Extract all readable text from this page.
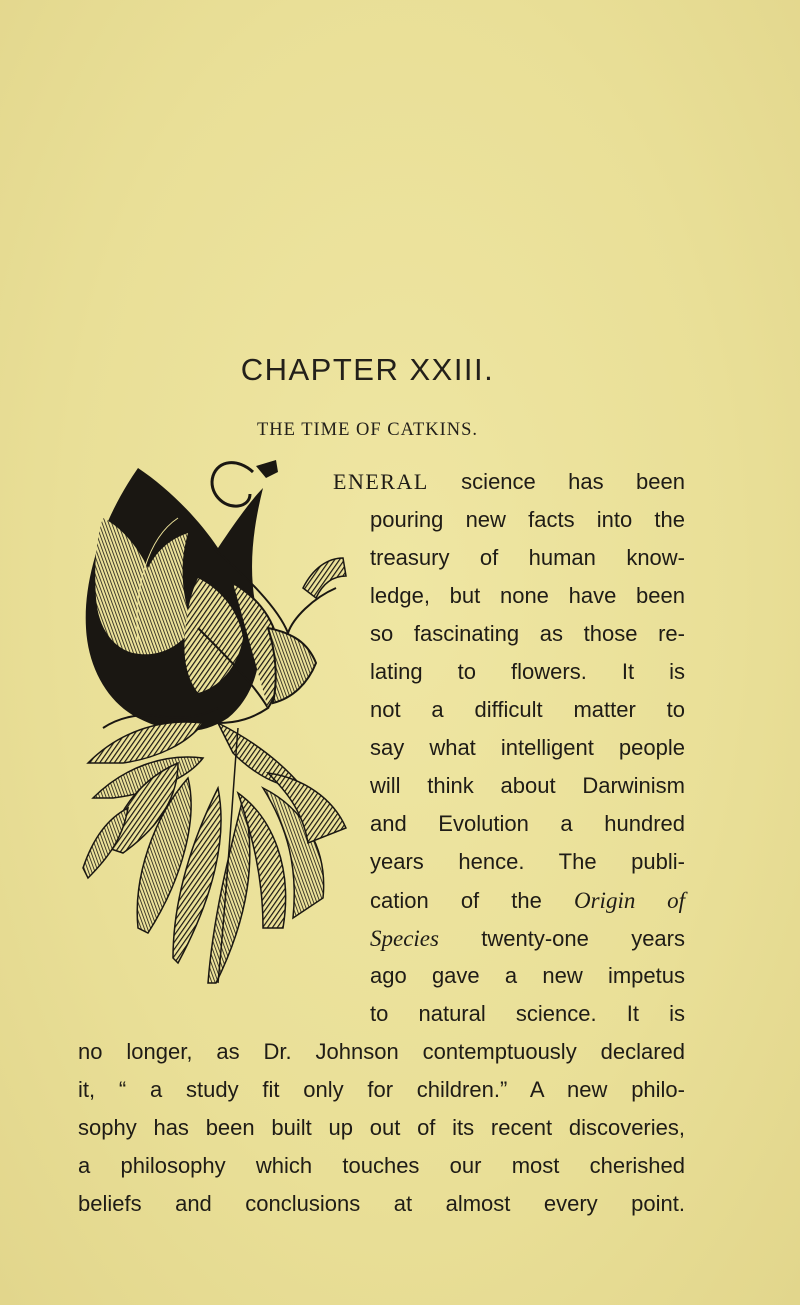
CHAPTER XXIII.
THE TIME OF CATKINS.
ENERAL science has been
pouring new facts into the
treasury of human know-
ledge, but none have been
so fascinating as those re-
lating to flowers. It is
not a difficult matter to
say what intelligent people
will think about Darwinism
and Evolution a hundred
years hence. The publi-
cation of the Origin of
Species twenty-one years
ago gave a new impetus
to natural science. It is
no longer, as Dr. Johnson contemptuously declared
it, “ a study fit only for children.” A new philo-
sophy has been built up out of its recent discoveries,
a philosophy which touches our most cherished
beliefs and conclusions at almost every point.
